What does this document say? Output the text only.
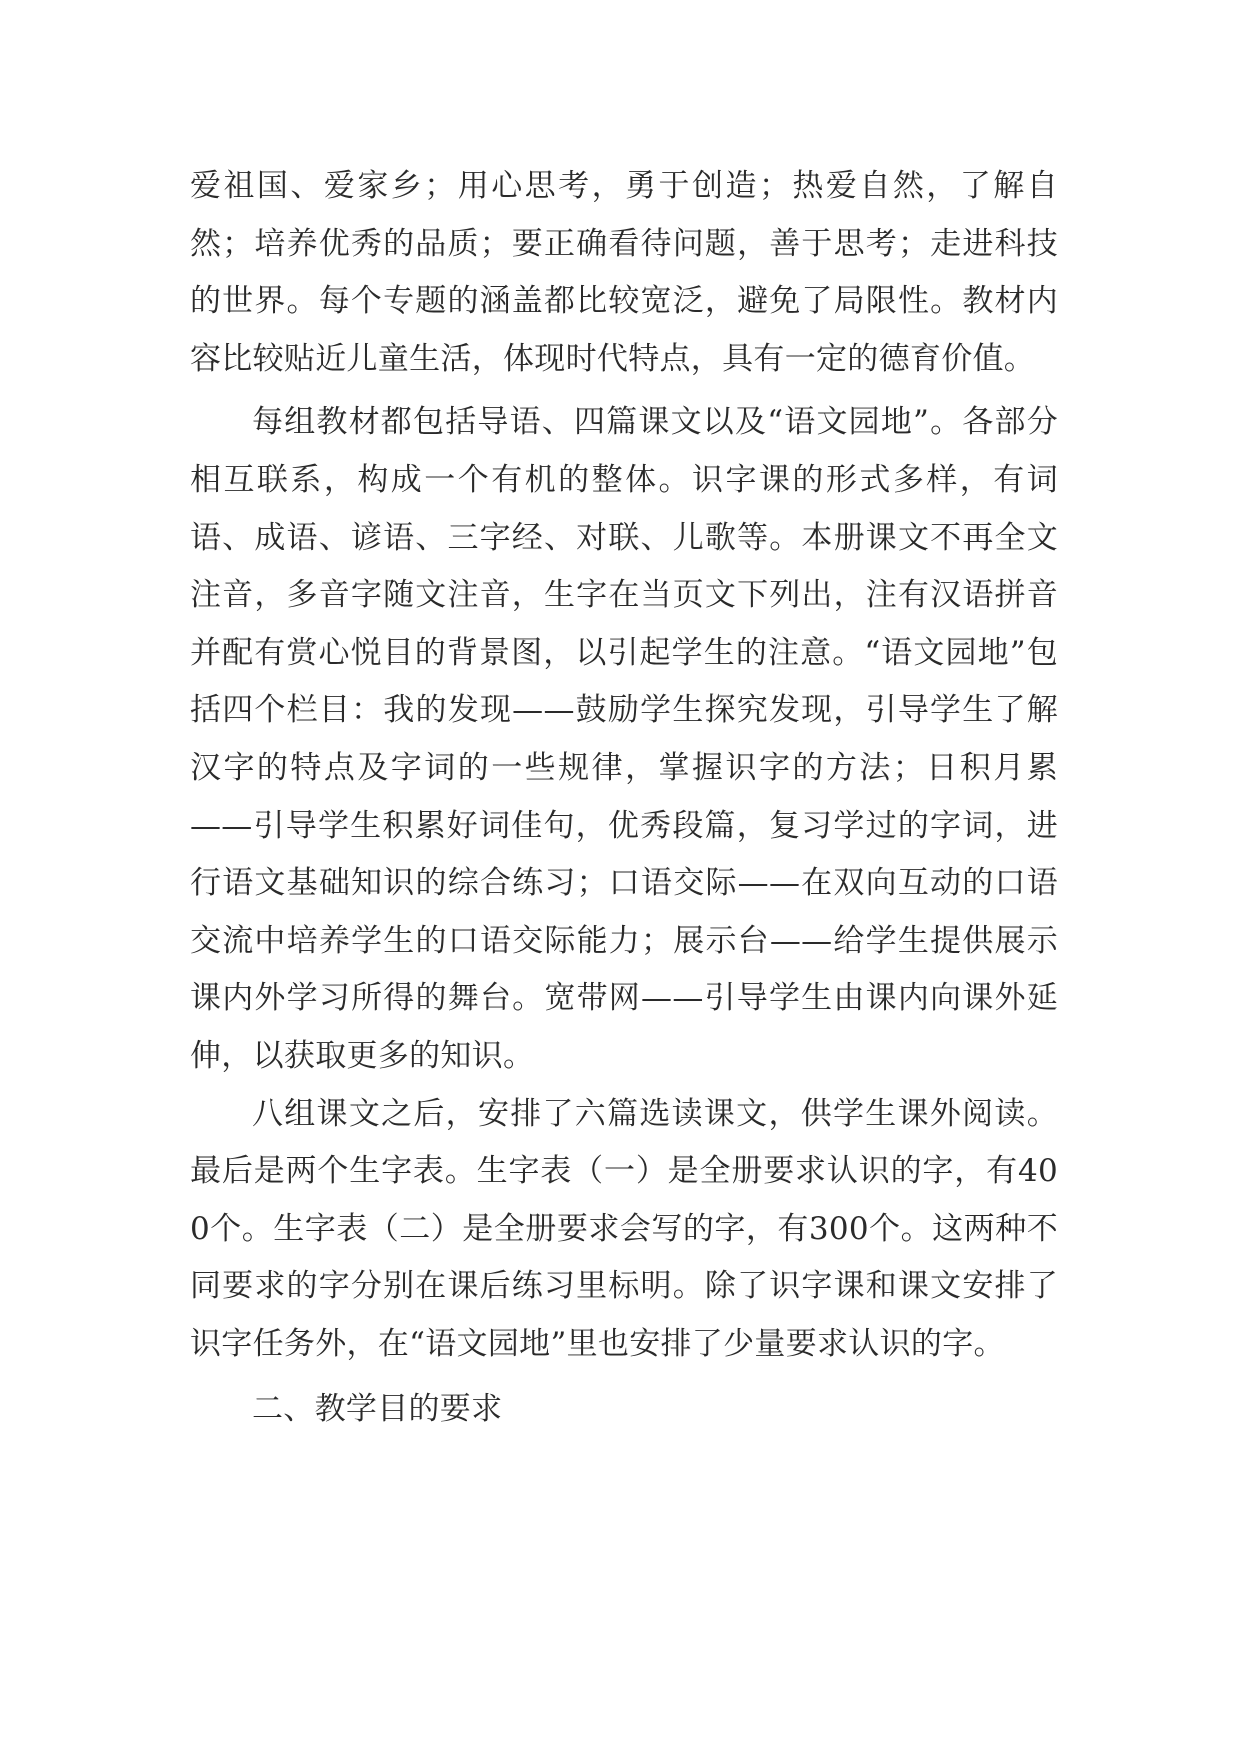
爱祖国、爱家乡；用心思考，勇于创造；热爱自然，了解自然；培养优秀的品质；要正确看待问题，善于思考；走进科技的世界。每个专题的涵盖都比较宽泛，避免了局限性。教材内容比较贴近儿童生活，体现时代特点，具有一定的德育价值。

每组教材都包括导语、四篇课文以及“语文园地”。各部分相互联系，构成一个有机的整体。识字课的形式多样，有词语、成语、谚语、三字经、对联、儿歌等。本册课文不再全文注音，多音字随文注音，生字在当页文下列出，注有汉语拼音并配有赏心悦目的背景图，以引起学生的注意。“语文园地”包括四个栏目：我的发现——鼓励学生探究发现，引导学生了解汉字的特点及字词的一些规律，掌握识字的方法；日积月累——引导学生积累好词佳句，优秀段篇，复习学过的字词，进行语文基础知识的综合练习；口语交际——在双向互动的口语交流中培养学生的口语交际能力；展示台——给学生提供展示课内外学习所得的舞台。宽带网——引导学生由课内向课外延伸，以获取更多的知识。

八组课文之后，安排了六篇选读课文，供学生课外阅读。最后是两个生字表。生字表（一）是全册要求认识的字，有400个。生字表（二）是全册要求会写的字，有300个。这两种不同要求的字分别在课后练习里标明。除了识字课和课文安排了识字任务外，在“语文园地”里也安排了少量要求认识的字。

二、教学目的要求
